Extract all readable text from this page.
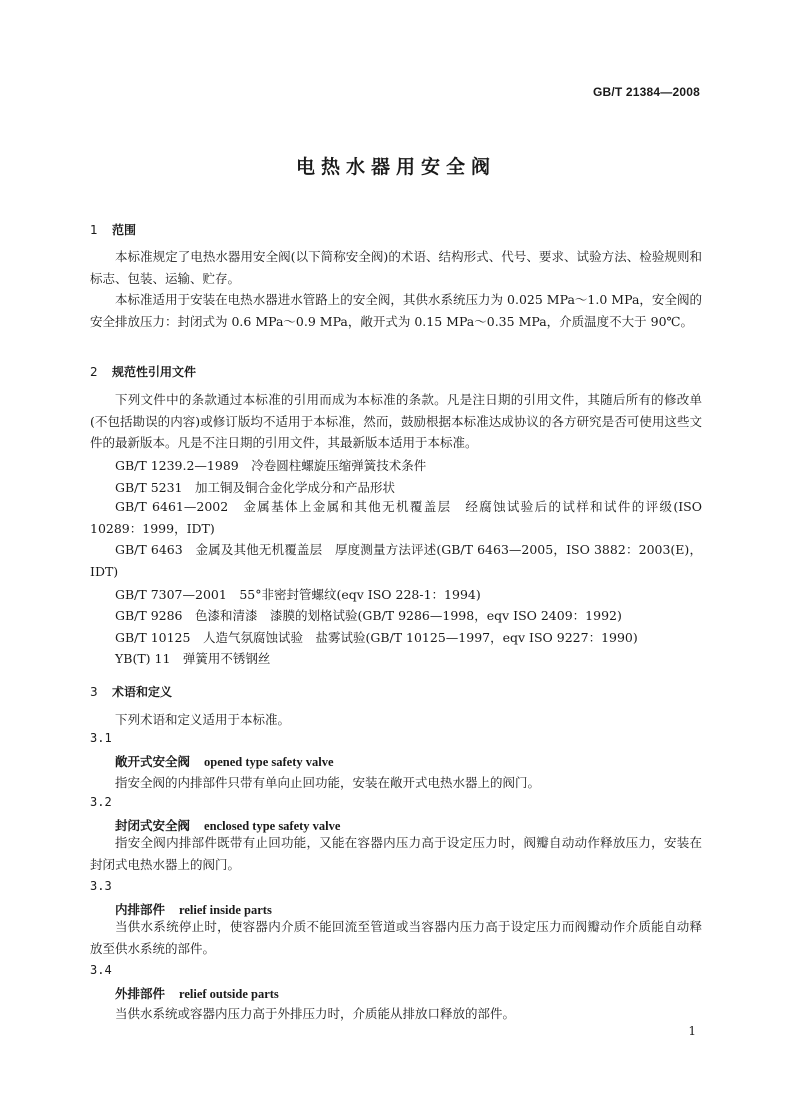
GB/T 21384—2008
电热水器用安全阀
1 范围

本标准规定了电热水器用安全阀(以下简称安全阀)的术语、结构形式、代号、要求、试验方法、检验规则和标志、包装、运输、贮存。

本标准适用于安装在电热水器进水管路上的安全阀，其供水系统压力为 0.025 MPa～1.0 MPa，安全阀的安全排放压力：封闭式为 0.6 MPa～0.9 MPa，敞开式为 0.15 MPa～0.35 MPa，介质温度不大于 90℃。

2 规范性引用文件

下列文件中的条款通过本标准的引用而成为本标准的条款。凡是注日期的引用文件，其随后所有的修改单(不包括勘误的内容)或修订版均不适用于本标准，然而，鼓励根据本标准达成协议的各方研究是否可使用这些文件的最新版本。凡是不注日期的引用文件，其最新版本适用于本标准。

GB/T 1239.2—1989　冷卷圆柱螺旋压缩弹簧技术条件
GB/T 5231　加工铜及铜合金化学成分和产品形状

GB/T 6461—2002　金属基体上金属和其他无机覆盖层　经腐蚀试验后的试样和试件的评级(ISO 10289：1999，IDT)

GB/T 6463　金属及其他无机覆盖层　厚度测量方法评述(GB/T 6463—2005，ISO 3882：2003(E)，IDT)

GB/T 7307—2001　55°非密封管螺纹(eqv ISO 228-1：1994)
GB/T 9286　色漆和清漆　漆膜的划格试验(GB/T 9286—1998，eqv ISO 2409：1992)
GB/T 10125　人造气氛腐蚀试验　盐雾试验(GB/T 10125—1997，eqv ISO 9227：1990)
YB(T) 11　弹簧用不锈钢丝
3 术语和定义
下列术语和定义适用于本标准。
3.1
敞开式安全阀 opened type safety valve
指安全阀的内排部件只带有单向止回功能，安装在敞开式电热水器上的阀门。
3.2
封闭式安全阀 enclosed type safety valve

指安全阀内排部件既带有止回功能，又能在容器内压力高于设定压力时，阀瓣自动动作释放压力，安装在封闭式电热水器上的阀门。

3.3
内排部件 relief inside parts

当供水系统停止时，使容器内介质不能回流至管道或当容器内压力高于设定压力而阀瓣动作介质能自动释放至供水系统的部件。

3.4
外排部件 relief outside parts
当供水系统或容器内压力高于外排压力时，介质能从排放口释放的部件。
1
